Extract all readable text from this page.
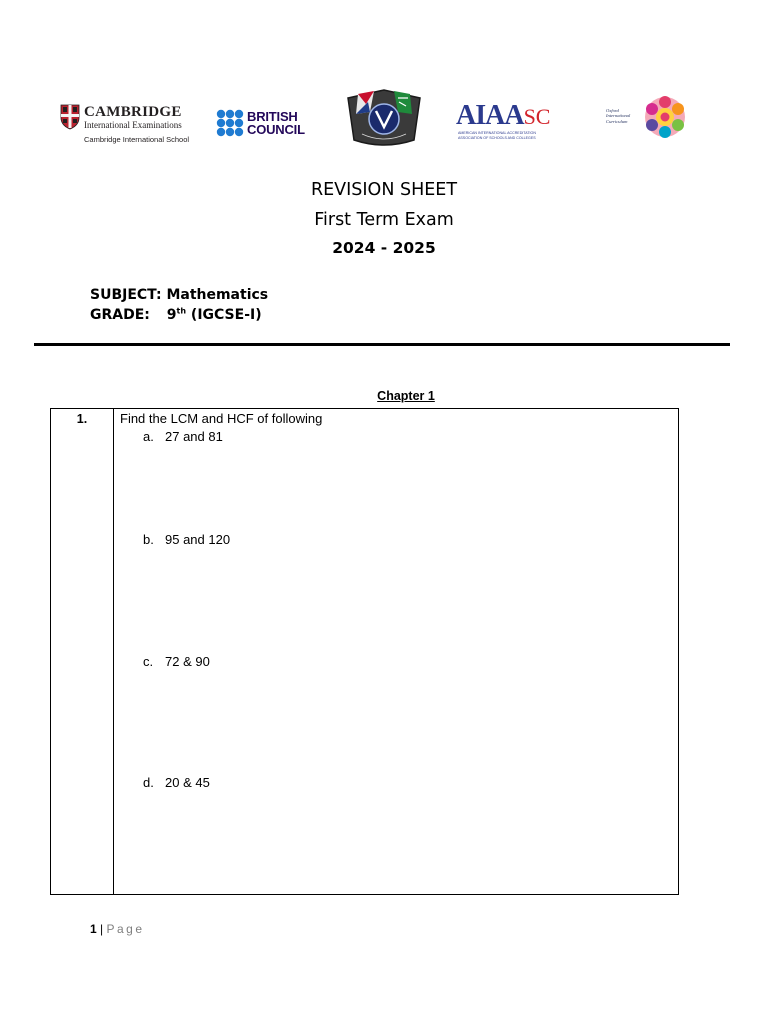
CAMBRIDGE
International Examinations
Cambridge International School
BRITISH
COUNCIL	AIAASC
AMERICAN INTERNATIONAL ACCREDITATION ASSOCIATION OF SCHOOLS AND COLLEGES
Oxford International Curriculum
REVISION SHEET
First Term Exam
2024 - 2025
SUBJECT: Mathematics
GRADE: 9th (IGCSE-I)
Chapter 1
1.	Find the LCM and HCF of following
a. 27 and 81
b. 95 and 120
c. 72 & 90
d. 20 & 45
1 | Page
